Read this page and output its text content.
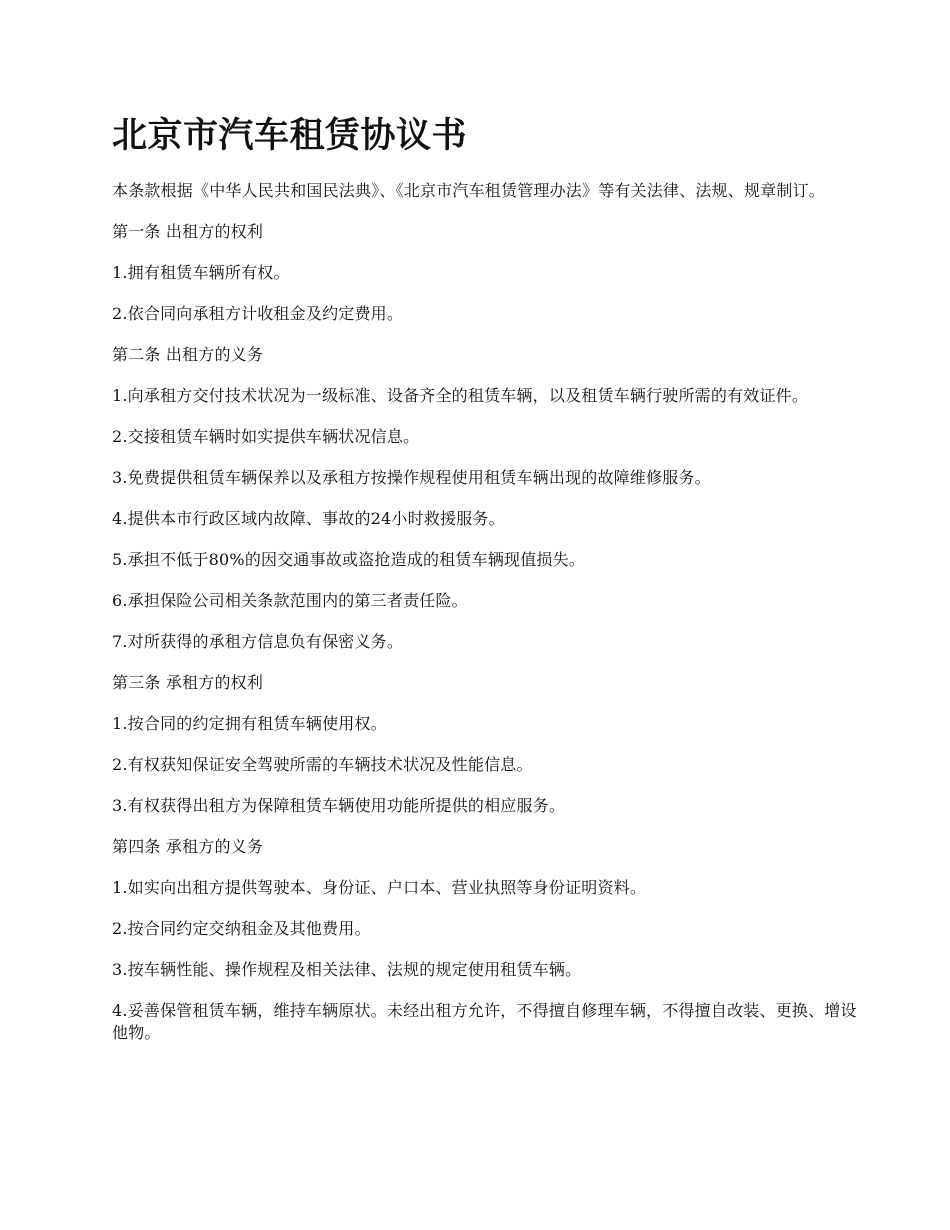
北京市汽车租赁协议书

本条款根据《中华人民共和国民法典》、《北京市汽车租赁管理办法》等有关法律、法规、规章制订。

第一条 出租方的权利

1.拥有租赁车辆所有权。

2.依合同向承租方计收租金及约定费用。

第二条 出租方的义务

1.向承租方交付技术状况为一级标准、设备齐全的租赁车辆，以及租赁车辆行驶所需的有效证件。

2.交接租赁车辆时如实提供车辆状况信息。

3.免费提供租赁车辆保养以及承租方按操作规程使用租赁车辆出现的故障维修服务。

4.提供本市行政区域内故障、事故的24小时救援服务。

5.承担不低于80%的因交通事故或盗抢造成的租赁车辆现值损失。

6.承担保险公司相关条款范围内的第三者责任险。

7.对所获得的承租方信息负有保密义务。

第三条 承租方的权利

1.按合同的约定拥有租赁车辆使用权。

2.有权获知保证安全驾驶所需的车辆技术状况及性能信息。

3.有权获得出租方为保障租赁车辆使用功能所提供的相应服务。

第四条 承租方的义务

1.如实向出租方提供驾驶本、身份证、户口本、营业执照等身份证明资料。

2.按合同约定交纳租金及其他费用。

3.按车辆性能、操作规程及相关法律、法规的规定使用租赁车辆。

4.妥善保管租赁车辆，维持车辆原状。未经出租方允许，不得擅自修理车辆，不得擅自改装、更换、增设他物。
